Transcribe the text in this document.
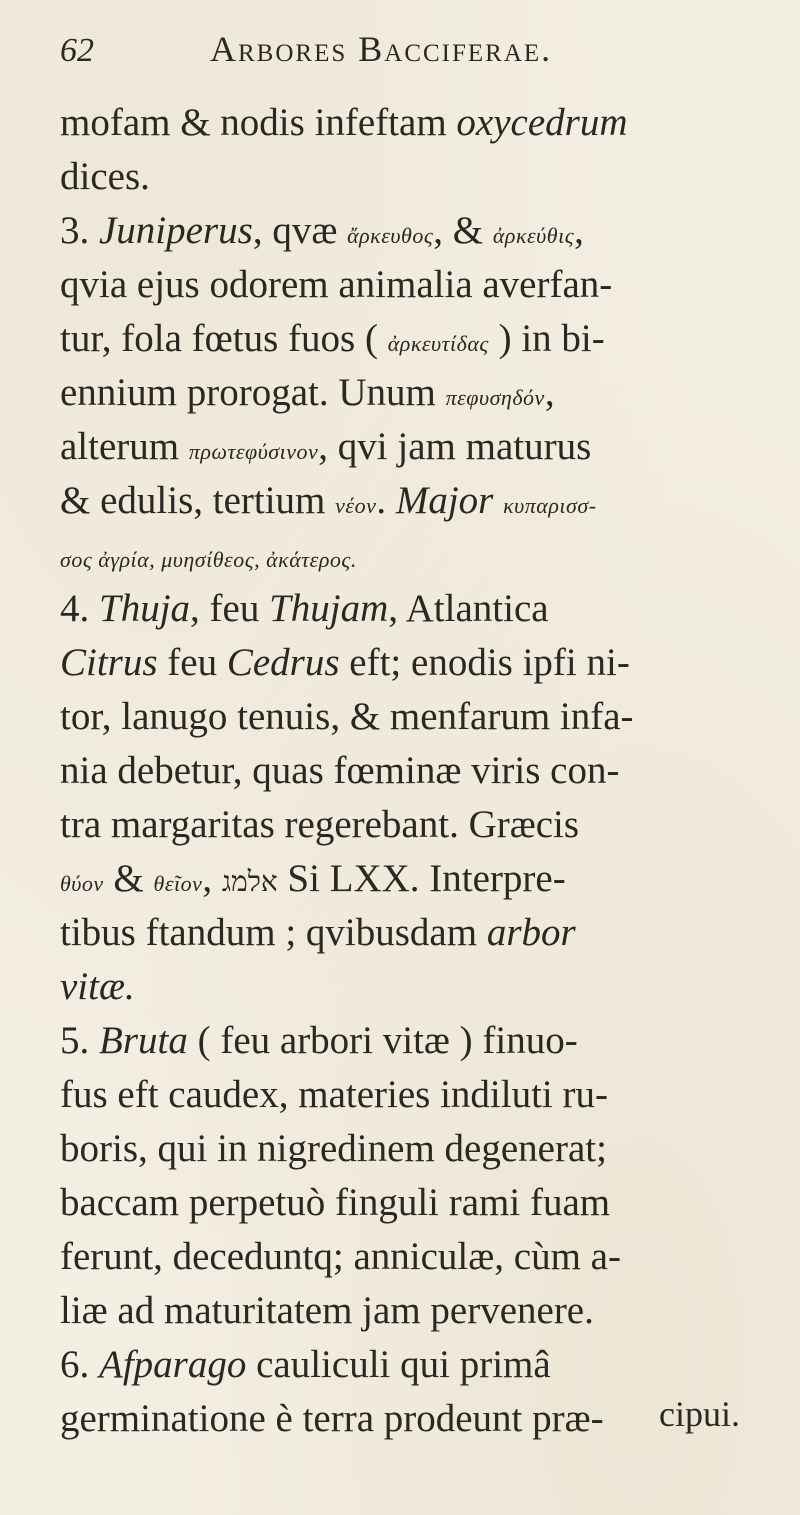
62	Arbores Bacciferae.
mofam & nodis infeftam oxycedrum
dices.
3. Juniperus, qvæ ἄρκευθος, & ἀρκεύθις,
qvia ejus odorem animalia averfan-
tur, fola fœtus fuos ( ἀρκευτίδας ) in bi-
ennium prorogat. Unum πεφυσηδόν,
alterum πρωτεφύσινον, qvi jam maturus
& edulis, tertium νέον. Major κυπαρισσ-
σος ἀγρία, μυησίθεος, ἀκάτερος.
4. Thuja, feu Thujam, Atlantica
Citrus feu Cedrus eft; enodis ipfi ni-
tor, lanugo tenuis, & menfarum infa-
nia debetur, quas fœminæ viris con-
tra margaritas regerebant. Græcis
θύον & θεῖον, אלמג Si LXX. Interpre-
tibus ftandum ; qvibusdam arbor
vitæ.
5. Bruta ( feu arbori vitæ ) finuo-
fus eft caudex, materies indiluti ru-
boris, qui in nigredinem degenerat;
baccam perpetuò finguli rami fuam
ferunt, deceduntq; anniculæ, cùm a-
liæ ad maturitatem jam pervenere.
6. Afparago cauliculi qui primâ
germinatione è terra prodeunt præ-	cipui.
